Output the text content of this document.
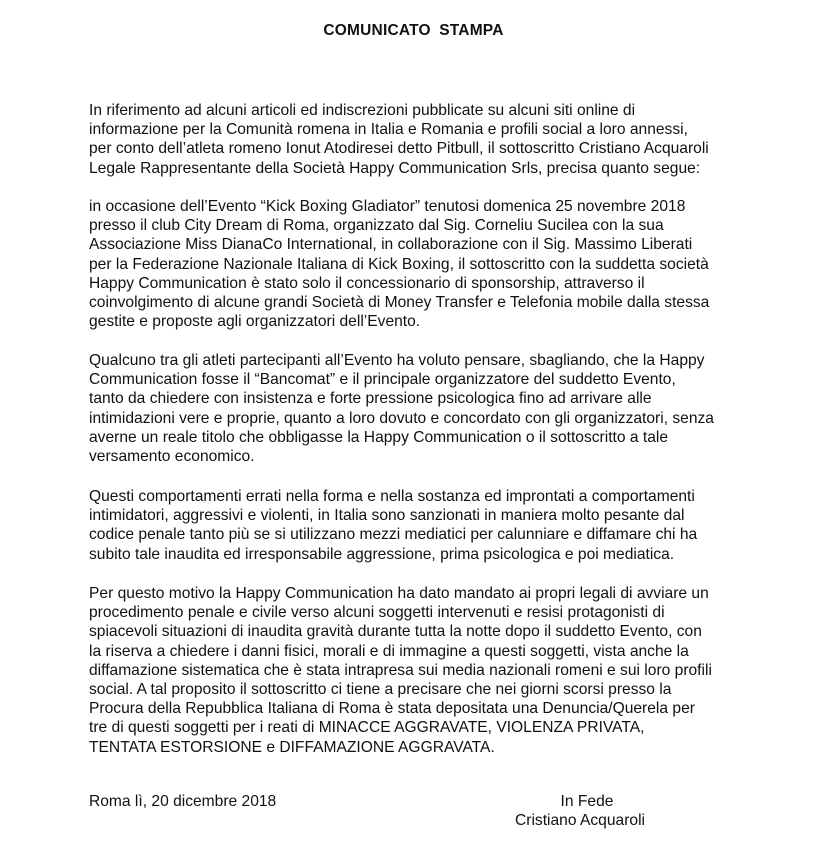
COMUNICATO STAMPA
In riferimento ad alcuni articoli ed indiscrezioni pubblicate su alcuni siti online di
informazione per la Comunità romena in Italia e Romania e profili social a loro annessi,
per conto dell’atleta romeno Ionut Atodiresei detto Pitbull, il sottoscritto Cristiano Acquaroli
Legale Rappresentante della Società Happy Communication Srls, precisa quanto segue:
in occasione dell’Evento “Kick Boxing Gladiator” tenutosi domenica 25 novembre 2018
presso il club City Dream di Roma, organizzato dal Sig. Corneliu Sucilea con la sua
Associazione Miss DianaCo International, in collaborazione con il Sig. Massimo Liberati
per la Federazione Nazionale Italiana di Kick Boxing, il sottoscritto con la suddetta società
Happy Communication è stato solo il concessionario di sponsorship, attraverso il
coinvolgimento di alcune grandi Società di Money Transfer e Telefonia mobile dalla stessa
gestite e proposte agli organizzatori dell’Evento.
Qualcuno tra gli atleti partecipanti all’Evento ha voluto pensare, sbagliando, che la Happy
Communication fosse il “Bancomat” e il principale organizzatore del suddetto Evento,
tanto da chiedere con insistenza e forte pressione psicologica fino ad arrivare alle
intimidazioni vere e proprie, quanto a loro dovuto e concordato con gli organizzatori, senza
averne un reale titolo che obbligasse la Happy Communication o il sottoscritto a tale
versamento economico.
Questi comportamenti errati nella forma e nella sostanza ed improntati a comportamenti
intimidatori, aggressivi e violenti, in Italia sono sanzionati in maniera molto pesante dal
codice penale tanto più se si utilizzano mezzi mediatici per calunniare e diffamare chi ha
subito tale inaudita ed irresponsabile aggressione, prima psicologica e poi mediatica.
Per questo motivo la Happy Communication ha dato mandato ai propri legali di avviare un
procedimento penale e civile verso alcuni soggetti intervenuti e resisi protagonisti di
spiacevoli situazioni di inaudita gravità durante tutta la notte dopo il suddetto Evento, con
la riserva a chiedere i danni fisici, morali e di immagine a questi soggetti, vista anche la
diffamazione sistematica che è stata intrapresa sui media nazionali romeni e sui loro profili
social. A tal proposito il sottoscritto ci tiene a precisare che nei giorni scorsi presso la
Procura della Repubblica Italiana di Roma è stata depositata una Denuncia/Querela per
tre di questi soggetti per i reati di MINACCE AGGRAVATE, VIOLENZA PRIVATA,
TENTATA ESTORSIONE e DIFFAMAZIONE AGGRAVATA.
Roma lì, 20 dicembre 2018	In Fede
Cristiano Acquaroli
